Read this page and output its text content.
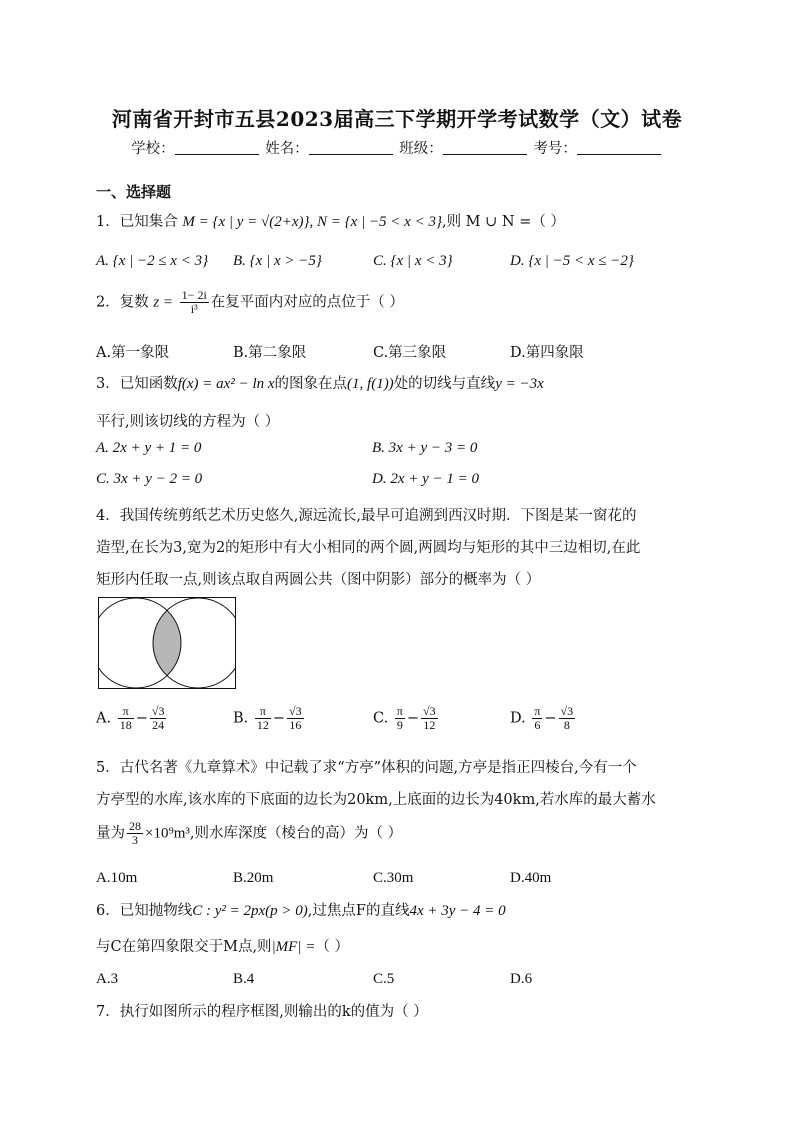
河南省开封市五县2023届高三下学期开学考试数学（文）试卷
学校：	姓名：	班级：	考号：
一、选择题
1．已知集合 M = {x | y = √(2+x)}, N = {x | −5 < x < 3},则 M ∪ N =（ ）
A. {x | −2 ≤ x < 3} B. {x | x > −5}	C. {x | x < 3}	D. {x | −5 < x ≤ −2}
2．复数 $z = \frac{1- 2i}{\text{i³}}$ 在复平面内对应的点位于（ ）
A.第一象限	B.第二象限	C.第三象限	D.第四象限
3．已知函数f(x) = ax² − ln x的图象在点(1, f(1))处的切线与直线y = −3x
平行,则该切线的方程为（ ）
A. 2x + y + 1 = 0	B. 3x + y − 3 = 0
C. 3x + y − 2 = 0	D. 2x + y − 1 = 0
4．我国传统剪纸艺术历史悠久,源远流长,最早可追溯到西汉时期．下图是某一窗花的
造型,在长为3,宽为2的矩形中有大小相同的两个圆,两圆均与矩形的其中三边相切,在此
矩形内任取一点,则该点取自两圆公共（图中阴影）部分的概率为（ ）
A. $\frac{\pi}{18} - \frac{√3}{24}$	B. $\frac{\pi}{12} - \frac{√3}{16}$	C. $\frac{\pi}{9} - \frac{√3}{12}$	D. $\frac{\pi}{6} - \frac{√3}{8}$
5．古代名著《九章算术》中记载了求“方亭”体积的问题,方亭是指正四棱台,今有一个
方亭型的水库,该水库的下底面的边长为20km,上底面的边长为40km,若水库的最大蓄水
量为 $\frac{28}{3} \times 10^9m^3$,则水库深度（棱台的高）为（ ）
A.10m	B.20m	C.30m	D.40m
6．已知抛物线C : y² = 2px(p > 0),过焦点F的直线4x + 3y − 4 = 0
与C在第四象限交于M点,则|MF| =（ ）
A.3	B.4	C.5	D.6
7．执行如图所示的程序框图,则输出的k的值为（ ）
